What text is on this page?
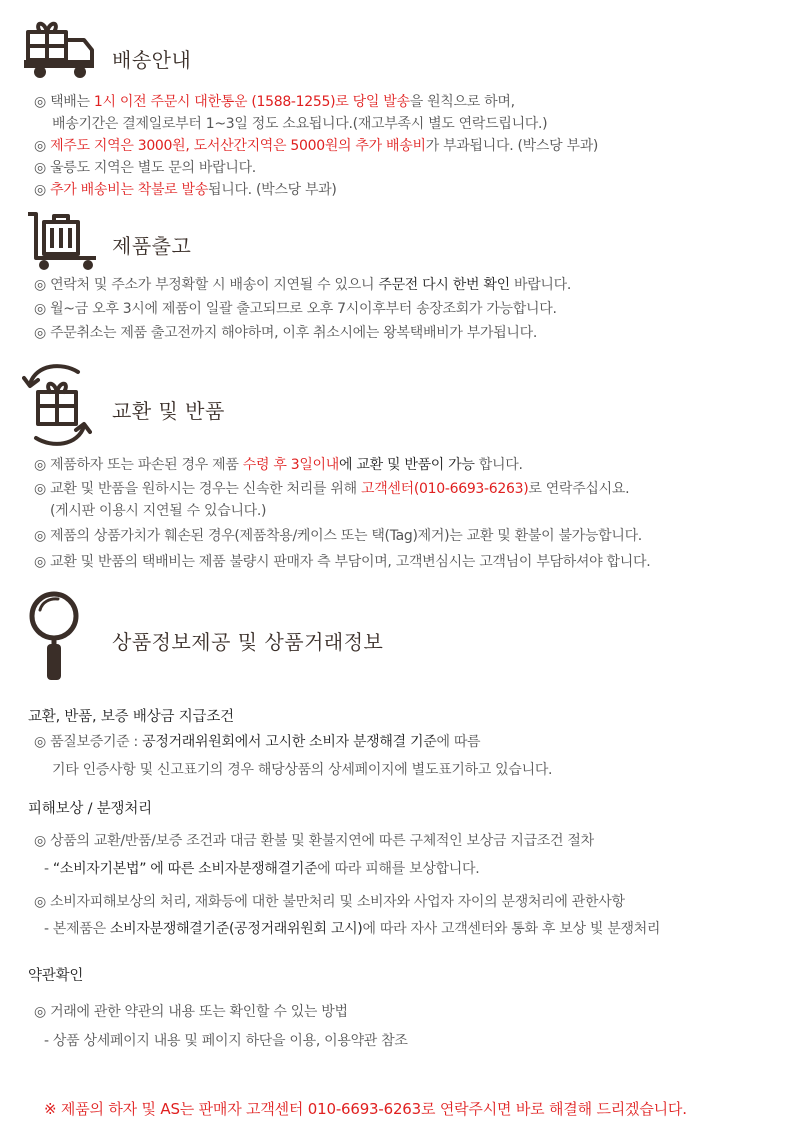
배송안내
◎ 택배는 1시 이전 주문시 대한통운 (1588-1255)로 당일 발송을 원칙으로 하며,
배송기간은 결제일로부터 1~3일 정도 소요됩니다.(재고부족시 별도 연락드립니다.)
◎ 제주도 지역은 3000원, 도서산간지역은 5000원의 추가 배송비가 부과됩니다. (박스당 부과)
◎ 울릉도 지역은 별도 문의 바랍니다.
◎ 추가 배송비는 착불로 발송됩니다. (박스당 부과)
제품출고
◎ 연락처 및 주소가 부정확할 시 배송이 지연될 수 있으니 주문전 다시 한번 확인 바랍니다.
◎ 월~금 오후 3시에 제품이 일괄 출고되므로 오후 7시이후부터 송장조회가 가능합니다.
◎ 주문취소는 제품 출고전까지 해야하며, 이후 취소시에는 왕복택배비가 부가됩니다.
교환 및 반품
◎ 제품하자 또는 파손된 경우 제품 수령 후 3일이내에 교환 및 반품이 가능 합니다.
◎ 교환 및 반품을 원하시는 경우는 신속한 처리를 위해 고객센터(010-6693-6263)로 연락주십시요.
(게시판 이용시 지연될 수 있습니다.)
◎ 제품의 상품가치가 훼손된 경우(제품착용/케이스 또는 택(Tag)제거)는 교환 및 환불이 불가능합니다.
◎ 교환 및 반품의 택배비는 제품 불량시 판매자 측 부담이며, 고객변심시는 고객님이 부담하셔야 합니다.
상품정보제공 및 상품거래정보
교환, 반품, 보증 배상금 지급조건
◎ 품질보증기준 : 공정거래위원회에서 고시한 소비자 분쟁해결 기준에 따름
기타 인증사항 및 신고표기의 경우 해당상품의 상세페이지에 별도표기하고 있습니다.
피해보상 / 분쟁처리
◎ 상품의 교환/반품/보증 조건과 대금 환불 및 환불지연에 따른 구체적인 보상금 지급조건 절차
- “소비자기본법” 에 따른 소비자분쟁해결기준에 따라 피해를 보상합니다.
◎ 소비자피해보상의 처리, 재화등에 대한 불만처리 및 소비자와 사업자 자이의 분쟁처리에 관한사항
- 본제품은 소비자분쟁해결기준(공정거래위원회 고시)에 따라 자사 고객센터와 통화 후 보상 빛 분쟁처리
약관확인
◎ 거래에 관한 약관의 내용 또는 확인할 수 있는 방법
- 상품 상세페이지 내용 및 페이지 하단을 이용, 이용약관 참조
※ 제품의 하자 및 AS는 판매자 고객센터 010-6693-6263로 연락주시면 바로 해결해 드리겠습니다.
